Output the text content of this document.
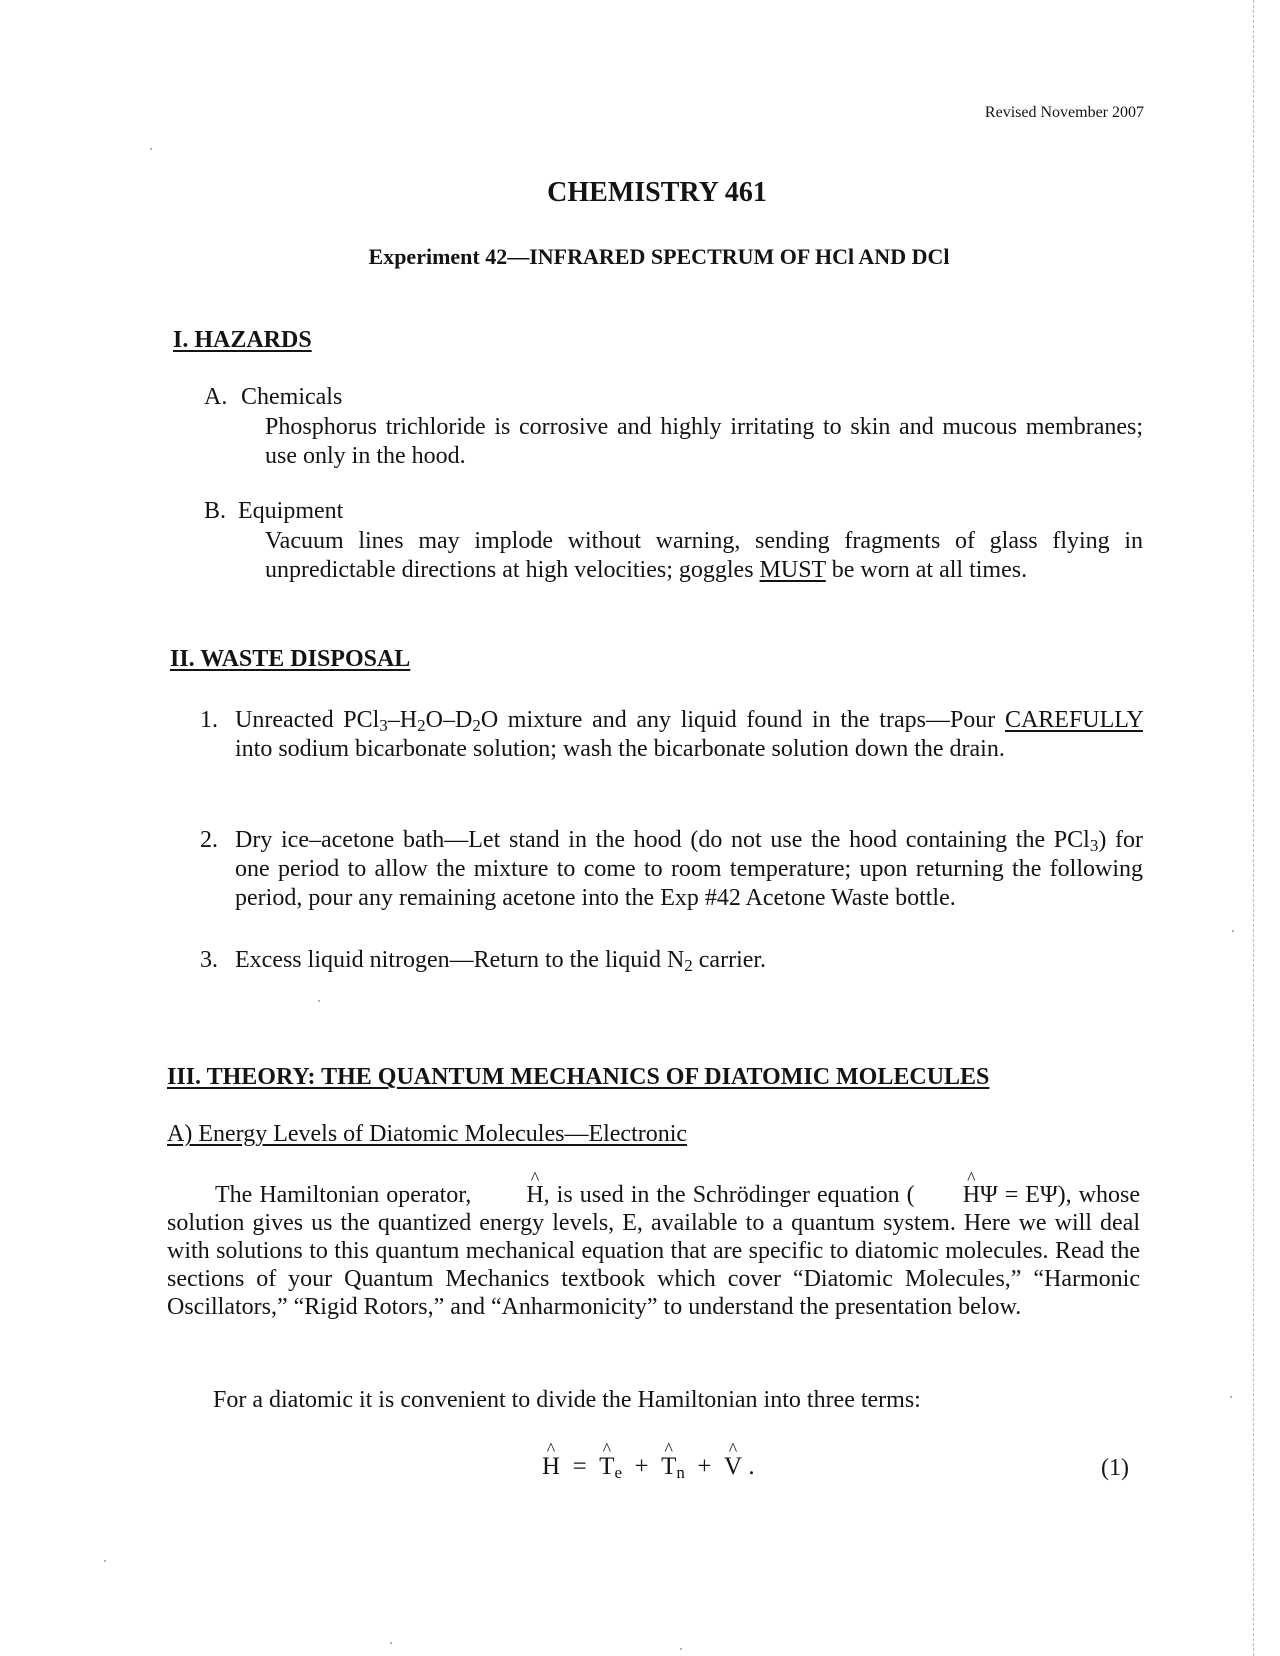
Revised November 2007
CHEMISTRY 461
Experiment 42—INFRARED SPECTRUM OF HCl AND DCl
I. HAZARDS
A. Chemicals
Phosphorus trichloride is corrosive and highly irritating to skin and mucous membranes; use only in the hood.
B. Equipment
Vacuum lines may implode without warning, sending fragments of glass flying in unpredictable directions at high velocities; goggles MUST be worn at all times.
II. WASTE DISPOSAL
1. Unreacted $PCl_3-H_2O-D_2O$ mixture and any liquid found in the traps—Pour CAREFULLY into sodium bicarbonate solution; wash the bicarbonate solution down the drain.
2. Dry ice–acetone bath—Let stand in the hood (do not use the hood containing the PCl$_3$) for one period to allow the mixture to come to room temperature; upon returning the following period, pour any remaining acetone into the Exp #42 Acetone Waste bottle.
3. Excess liquid nitrogen—Return to the liquid $N_2$ carrier.
III. THEORY: THE QUANTUM MECHANICS OF DIATOMIC MOLECULES
A) Energy Levels of Diatomic Molecules—Electronic
The Hamiltonian operator, ^ H, is used in the Schrödinger equation ( ^ HΨ = EΨ), whose solution gives us the quantized energy levels, E, available to a quantum system. Here we will deal with solutions to this quantum mechanical equation that are specific to diatomic molecules. Read the sections of your Quantum Mechanics textbook which cover “Diatomic Molecules,” “Harmonic Oscillators,” “Rigid Rotors,” and “Anharmonicity” to understand the presentation below.
For a diatomic it is convenient to divide the Hamiltonian into three terms:
^ H  =  ^ $T_e$  +  ^ $T_n$  +  ^ V .	(1)
